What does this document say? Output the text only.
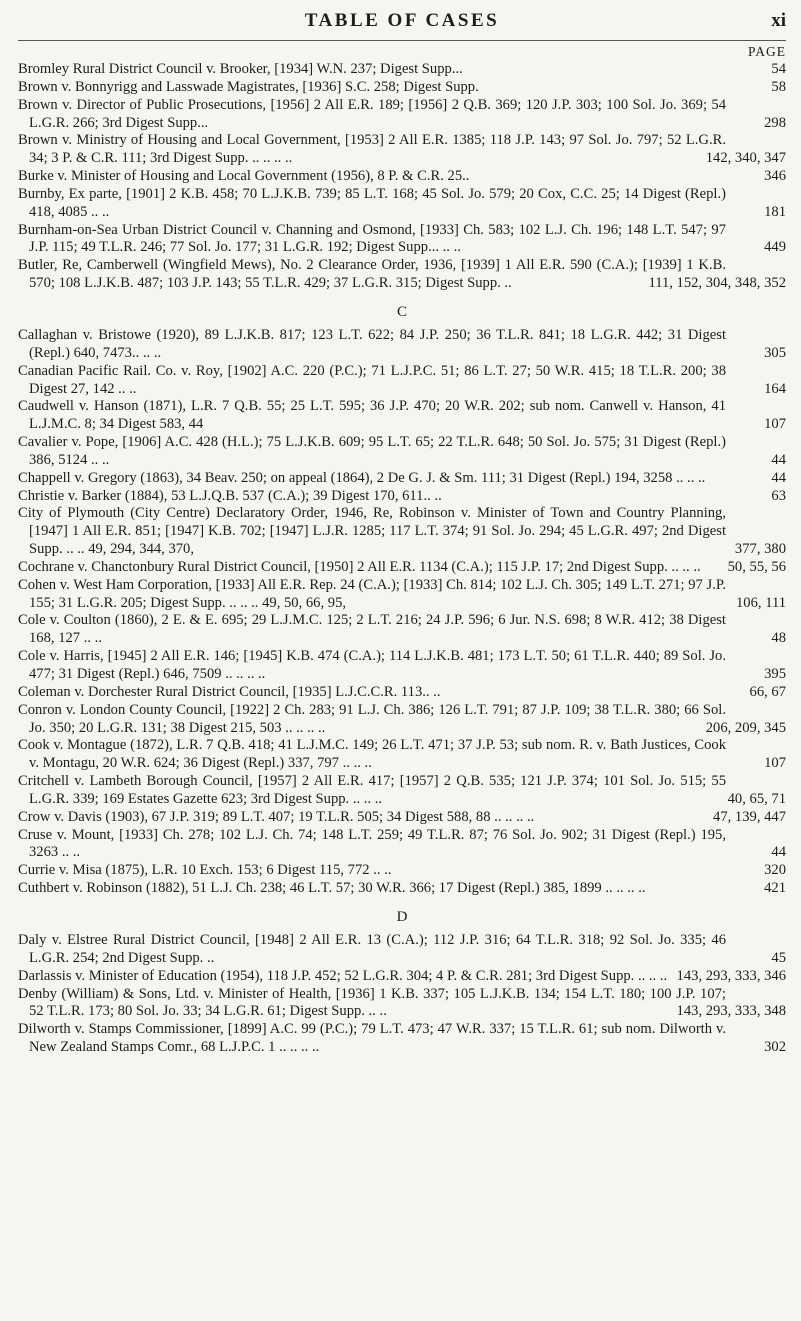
TABLE OF CASES	xi
PAGE
Bromley Rural District Council v. Brooker, [1934] W.N. 237; Digest Supp...	54
Brown v. Bonnyrigg and Lasswade Magistrates, [1936] S.C. 258; Digest Supp.	58
Brown v. Director of Public Prosecutions, [1956] 2 All E.R. 189; [1956] 2 Q.B. 369; 120 J.P. 303; 100 Sol. Jo. 369; 54 L.G.R. 266; 3rd Digest Supp...	298
Brown v. Ministry of Housing and Local Government, [1953] 2 All E.R. 1385; 118 J.P. 143; 97 Sol. Jo. 797; 52 L.G.R. 34; 3 P. & C.R. 111; 3rd Digest Supp. .. .. .. ..	142, 340, 347
Burke v. Minister of Housing and Local Government (1956), 8 P. & C.R. 25..	346
Burnby, Ex parte, [1901] 2 K.B. 458; 70 L.J.K.B. 739; 85 L.T. 168; 45 Sol. Jo. 579; 20 Cox, C.C. 25; 14 Digest (Repl.) 418, 4085 .. ..	181
Burnham-on-Sea Urban District Council v. Channing and Osmond, [1933] Ch. 583; 102 L.J. Ch. 196; 148 L.T. 547; 97 J.P. 115; 49 T.L.R. 246; 77 Sol. Jo. 177; 31 L.G.R. 192; Digest Supp... .. ..	449
Butler, Re, Camberwell (Wingfield Mews), No. 2 Clearance Order, 1936, [1939] 1 All E.R. 590 (C.A.); [1939] 1 K.B. 570; 108 L.J.K.B. 487; 103 J.P. 143; 55 T.L.R. 429; 37 L.G.R. 315; Digest Supp. ..	111, 152, 304, 348, 352
C
Callaghan v. Bristowe (1920), 89 L.J.K.B. 817; 123 L.T. 622; 84 J.P. 250; 36 T.L.R. 841; 18 L.G.R. 442; 31 Digest (Repl.) 640, 7473.. .. ..	305
Canadian Pacific Rail. Co. v. Roy, [1902] A.C. 220 (P.C.); 71 L.J.P.C. 51; 86 L.T. 27; 50 W.R. 415; 18 T.L.R. 200; 38 Digest 27, 142 .. ..	164
Caudwell v. Hanson (1871), L.R. 7 Q.B. 55; 25 L.T. 595; 36 J.P. 470; 20 W.R. 202; sub nom. Canwell v. Hanson, 41 L.J.M.C. 8; 34 Digest 583, 44	107
Cavalier v. Pope, [1906] A.C. 428 (H.L.); 75 L.J.K.B. 609; 95 L.T. 65; 22 T.L.R. 648; 50 Sol. Jo. 575; 31 Digest (Repl.) 386, 5124 .. ..	44
Chappell v. Gregory (1863), 34 Beav. 250; on appeal (1864), 2 De G. J. & Sm. 111; 31 Digest (Repl.) 194, 3258 .. .. ..	44
Christie v. Barker (1884), 53 L.J.Q.B. 537 (C.A.); 39 Digest 170, 611.. ..	63
City of Plymouth (City Centre) Declaratory Order, 1946, Re, Robinson v. Minister of Town and Country Planning, [1947] 1 All E.R. 851; [1947] K.B. 702; [1947] L.J.R. 1285; 117 L.T. 374; 91 Sol. Jo. 294; 45 L.G.R. 497; 2nd Digest Supp. .. .. 49, 294, 344, 370,	377, 380
Cochrane v. Chanctonbury Rural District Council, [1950] 2 All E.R. 1134 (C.A.); 115 J.P. 17; 2nd Digest Supp. .. .. ..	50, 55, 56
Cohen v. West Ham Corporation, [1933] All E.R. Rep. 24 (C.A.); [1933] Ch. 814; 102 L.J. Ch. 305; 149 L.T. 271; 97 J.P. 155; 31 L.G.R. 205; Digest Supp. .. .. .. 49, 50, 66, 95,	106, 111
Cole v. Coulton (1860), 2 E. & E. 695; 29 L.J.M.C. 125; 2 L.T. 216; 24 J.P. 596; 6 Jur. N.S. 698; 8 W.R. 412; 38 Digest 168, 127 .. ..	48
Cole v. Harris, [1945] 2 All E.R. 146; [1945] K.B. 474 (C.A.); 114 L.J.K.B. 481; 173 L.T. 50; 61 T.L.R. 440; 89 Sol. Jo. 477; 31 Digest (Repl.) 646, 7509 .. .. .. ..	395
Coleman v. Dorchester Rural District Council, [1935] L.J.C.C.R. 113.. ..	66, 67
Conron v. London County Council, [1922] 2 Ch. 283; 91 L.J. Ch. 386; 126 L.T. 791; 87 J.P. 109; 38 T.L.R. 380; 66 Sol. Jo. 350; 20 L.G.R. 131; 38 Digest 215, 503 .. .. .. ..	206, 209, 345
Cook v. Montague (1872), L.R. 7 Q.B. 418; 41 L.J.M.C. 149; 26 L.T. 471; 37 J.P. 53; sub nom. R. v. Bath Justices, Cook v. Montagu, 20 W.R. 624; 36 Digest (Repl.) 337, 797 .. .. ..	107
Critchell v. Lambeth Borough Council, [1957] 2 All E.R. 417; [1957] 2 Q.B. 535; 121 J.P. 374; 101 Sol. Jo. 515; 55 L.G.R. 339; 169 Estates Gazette 623; 3rd Digest Supp. .. .. ..	40, 65, 71
Crow v. Davis (1903), 67 J.P. 319; 89 L.T. 407; 19 T.L.R. 505; 34 Digest 588, 88 .. .. .. ..	47, 139, 447
Cruse v. Mount, [1933] Ch. 278; 102 L.J. Ch. 74; 148 L.T. 259; 49 T.L.R. 87; 76 Sol. Jo. 902; 31 Digest (Repl.) 195, 3263 .. ..	44
Currie v. Misa (1875), L.R. 10 Exch. 153; 6 Digest 115, 772 .. ..	320
Cuthbert v. Robinson (1882), 51 L.J. Ch. 238; 46 L.T. 57; 30 W.R. 366; 17 Digest (Repl.) 385, 1899 .. .. .. ..	421
D
Daly v. Elstree Rural District Council, [1948] 2 All E.R. 13 (C.A.); 112 J.P. 316; 64 T.L.R. 318; 92 Sol. Jo. 335; 46 L.G.R. 254; 2nd Digest Supp. ..	45
Darlassis v. Minister of Education (1954), 118 J.P. 452; 52 L.G.R. 304; 4 P. & C.R. 281; 3rd Digest Supp. .. .. .. 143, 293, 333, 346
Denby (William) & Sons, Ltd. v. Minister of Health, [1936] 1 K.B. 337; 105 L.J.K.B. 134; 154 L.T. 180; 100 J.P. 107; 52 T.L.R. 173; 80 Sol. Jo. 33; 34 L.G.R. 61; Digest Supp. .. ..	143, 293, 333, 348
Dilworth v. Stamps Commissioner, [1899] A.C. 99 (P.C.); 79 L.T. 473; 47 W.R. 337; 15 T.L.R. 61; sub nom. Dilworth v. New Zealand Stamps Comr., 68 L.J.P.C. 1 .. .. .. ..	302
